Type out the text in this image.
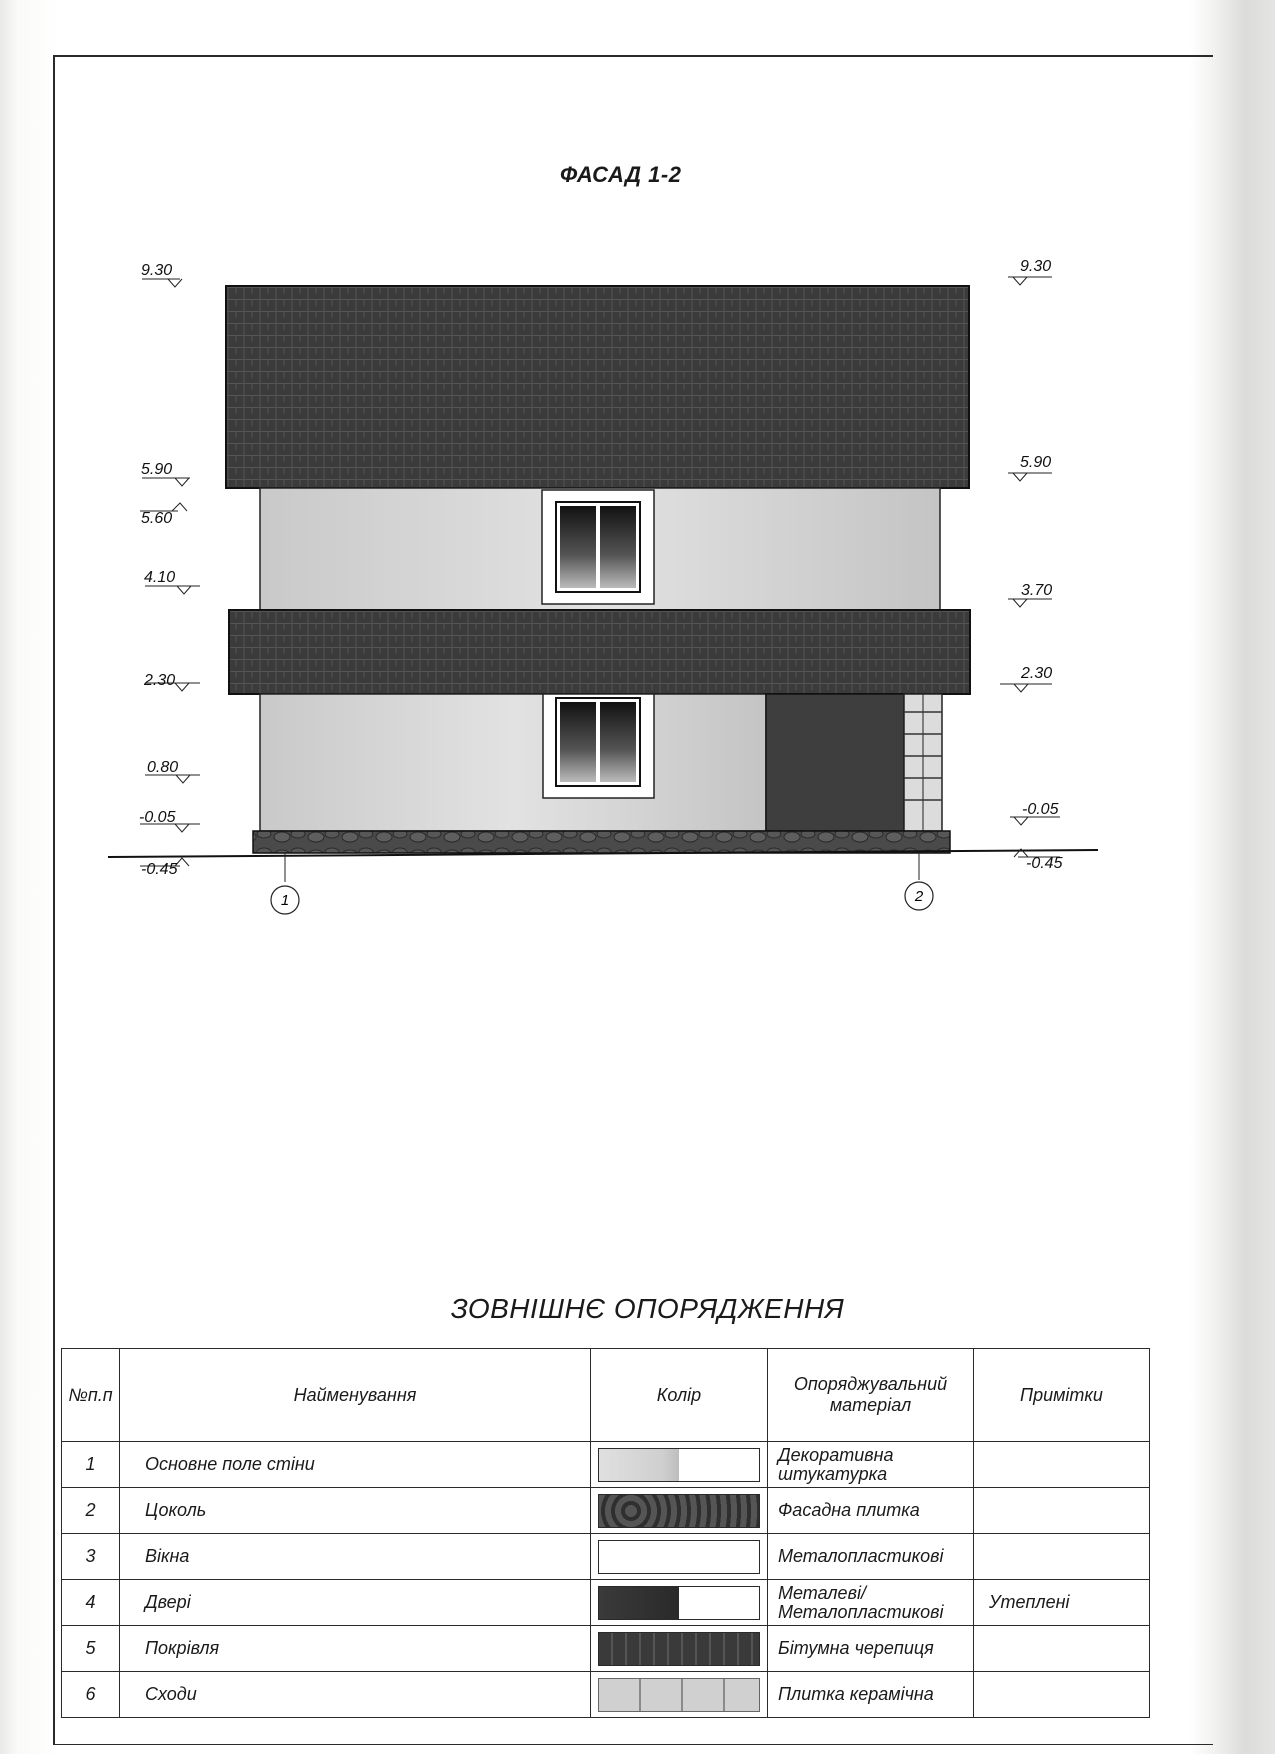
ФАСАД 1-2
1	2
9.30
5.90
5.60
4.10
2.30
0.80
-0.05
-0.45
9.30
5.90
3.70
2.30
-0.05
-0.45
ЗОВНІШНЄ ОПОРЯДЖЕННЯ
№п.п	Найменування	Колір	Опоряджувальний матеріал	Примітки
1	Основне поле стіни		Декоративна штукатурка	
2	Цоколь		Фасадна плитка	
3	Вікна		Металопластикові	
4	Двері		Металеві/ Металопластикові	Утеплені
5	Покрівля		Бітумна черепиця	
6	Сходи		Плитка керамічна	
